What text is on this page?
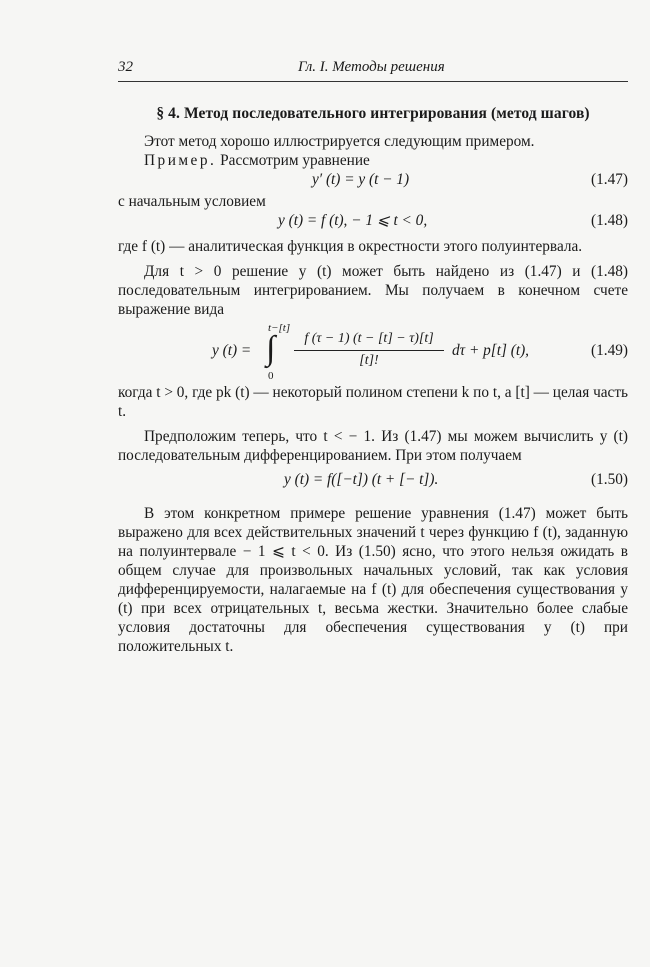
32	Гл. I. Методы решения
§ 4. Метод последовательного интегрирования (метод шагов)

Этот метод хорошо иллюстрируется следующим примером.

Пример. Рассмотрим уравнение

y′ (t) = y (t − 1)	(1.47)

с начальным условием

y (t) = f (t), − 1 ⩽ t < 0,	(1.48)

где f (t) — аналитическая функция в окрестности этого полуинтервала.

Для t > 0 решение y (t) может быть найдено из (1.47) и (1.48) последовательным интегрированием. Мы получаем в конечном счете выражение вида

y (t) =
t−[t]
∫
0
f (τ − 1) (t − [t] − τ)[t]
[t]!
dτ + p[t] (t),	(1.49)

когда t > 0, где pk (t) — некоторый полином степени k по t, а [t] — целая часть t.

Предположим теперь, что t < − 1. Из (1.47) мы можем вычислить y (t) последовательным дифференцированием. При этом получаем

y (t) = f([−t]) (t + [− t]).	(1.50)

В этом конкретном примере решение уравнения (1.47) может быть выражено для всех действительных значений t через функцию f (t), заданную на полуинтервале − 1 ⩽ t < 0. Из (1.50) ясно, что этого нельзя ожидать в общем случае для произвольных начальных условий, так как условия дифференцируемости, налагаемые на f (t) для обеспечения существования y (t) при всех отрицательных t, весьма жестки. Значительно более слабые условия достаточны для обеспечения существования y (t) при положительных t.
